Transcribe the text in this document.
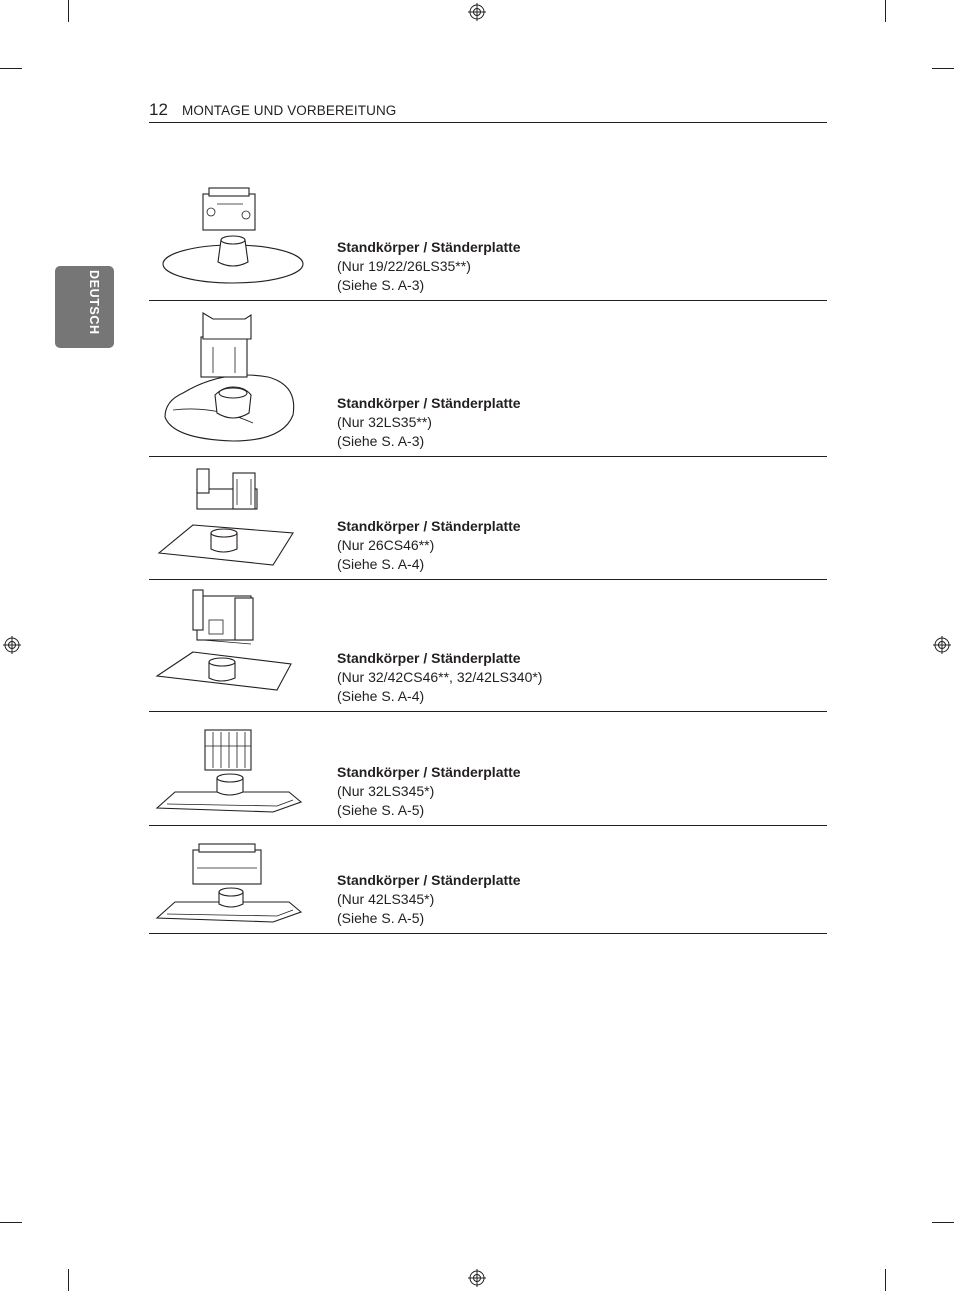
12 MONTAGE UND VORBEREITUNG
DEUTSCH
Standkörper / Ständerplatte
(Nur 19/22/26LS35**)
(Siehe S. A-3)
Standkörper / Ständerplatte
(Nur 32LS35**)
(Siehe S. A-3)
Standkörper / Ständerplatte
(Nur 26CS46**)
(Siehe S. A-4)
Standkörper / Ständerplatte
(Nur 32/42CS46**, 32/42LS340*)
(Siehe S. A-4)
Standkörper / Ständerplatte
(Nur 32LS345*)
(Siehe S. A-5)
Standkörper / Ständerplatte
(Nur 42LS345*)
(Siehe S. A-5)
